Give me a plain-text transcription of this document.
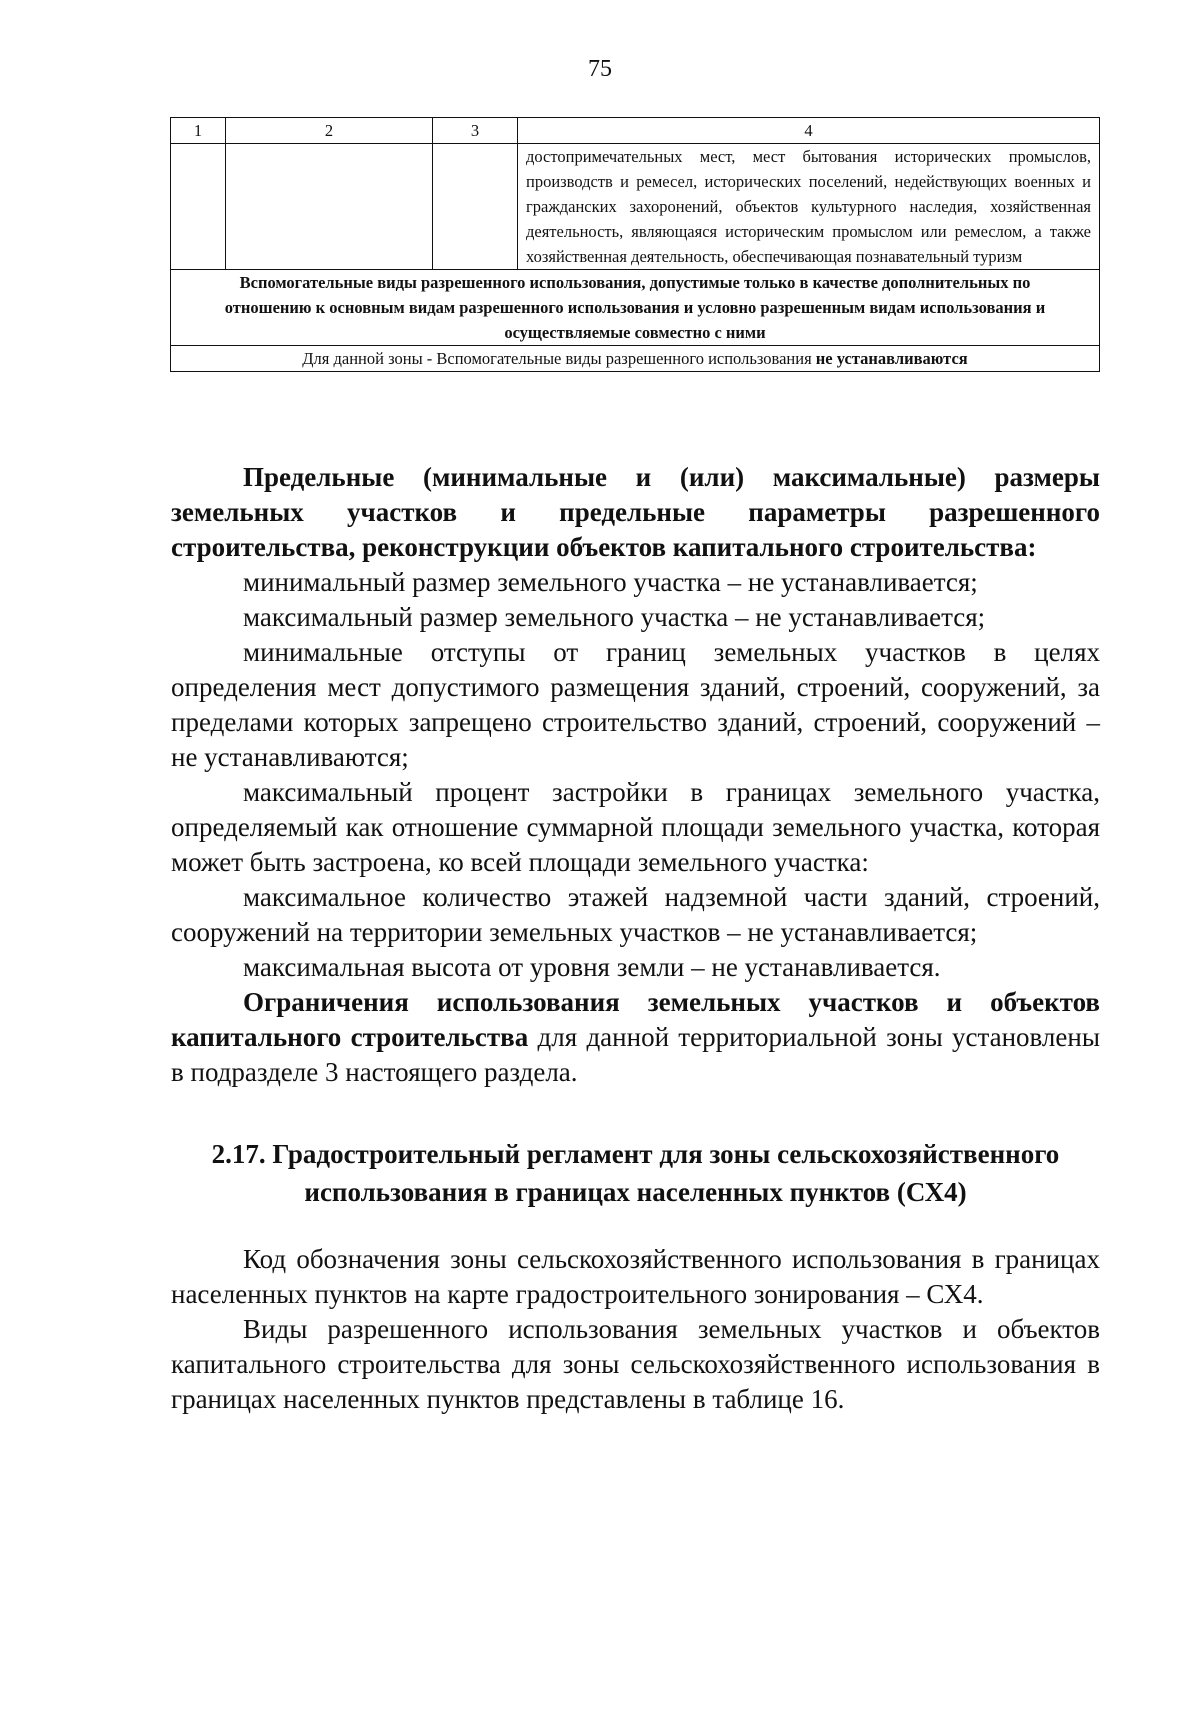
75
1	2	3	4
			достопримечательных мест, мест бытования исторических промыслов, производств и ремесел, исторических поселений, недействующих военных и гражданских захоронений, объектов культурного наследия, хозяйственная деятельность, являющаяся историческим промыслом или ремеслом, а также хозяйственная деятельность, обеспечивающая познавательный туризм
Вспомогательные виды разрешенного использования, допустимые только в качестве дополнительных по отношению к основным видам разрешенного использования и условно разрешенным видам использования и осуществляемые совместно с ними			
Для данной зоны - Вспомогательные виды разрешенного использования не устанавливаются			

Предельные (минимальные и (или) максимальные) размеры земельных участков и предельные параметры разрешенного строительства, реконструкции объектов капитального строительства:

минимальный размер земельного участка – не устанавливается;

максимальный размер земельного участка – не устанавливается;

минимальные отступы от границ земельных участков в целях определения мест допустимого размещения зданий, строений, сооружений, за пределами которых запрещено строительство зданий, строений, сооружений – не устанавливаются;

максимальный процент застройки в границах земельного участка, определяемый как отношение суммарной площади земельного участка, которая может быть застроена, ко всей площади земельного участка:

максимальное количество этажей надземной части зданий, строений, сооружений на территории земельных участков – не устанавливается;

максимальная высота от уровня земли – не устанавливается.

Ограничения использования земельных участков и объектов капитального строительства для данной территориальной зоны установлены в подразделе 3 настоящего раздела.

2.17. Градостроительный регламент для зоны сельскохозяйственного использования в границах населенных пунктов (СХ4)

Код обозначения зоны сельскохозяйственного использования в границах населенных пунктов на карте градостроительного зонирования – СХ4.

Виды разрешенного использования земельных участков и объектов капитального строительства для зоны сельскохозяйственного использования в границах населенных пунктов представлены в таблице 16.
